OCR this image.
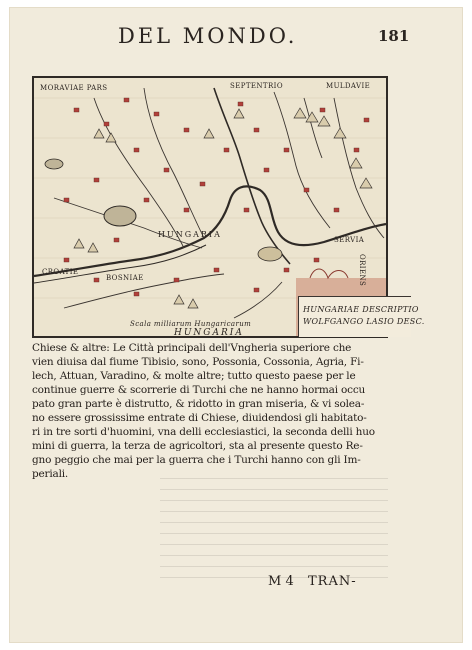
DEL MONDO.	181
MORAVIAE PARS	SEPTENTRIO	MULDAVIE
HUNGARIA
BOSNIAE
CROATIE	ORIENS
SERVIA
Scala milliarum Hungaricarum
HUNGARIAE DESCRIPTIO
WOLFGANGO LASIO DESC.
HUNGARIA
Chiese & altre: Le Città principali dell'Vngheria superiore che
vien diuisa dal fiume Tibisio, sono, Possonia, Cossonia, Agria, Fi-
lech, Attuan, Varadino, & molte altre; tutto questo paese per le
continue guerre & scorrerie di Turchi che ne hanno hormai occu
pato gran parte è distrutto, & ridotto in gran miseria, & vi solea-
no essere grossissime entrate di Chiese, diuidendosi gli habitato-
ri in tre sorti d'huomini, vna delli ecclesiastici, la seconda delli huo
mini di guerra, la terza de agricoltori, sta al presente questo Re-
gno peggio che mai per la guerra che i Turchi hanno con gli Im-
periali.
M 4 TRAN-
